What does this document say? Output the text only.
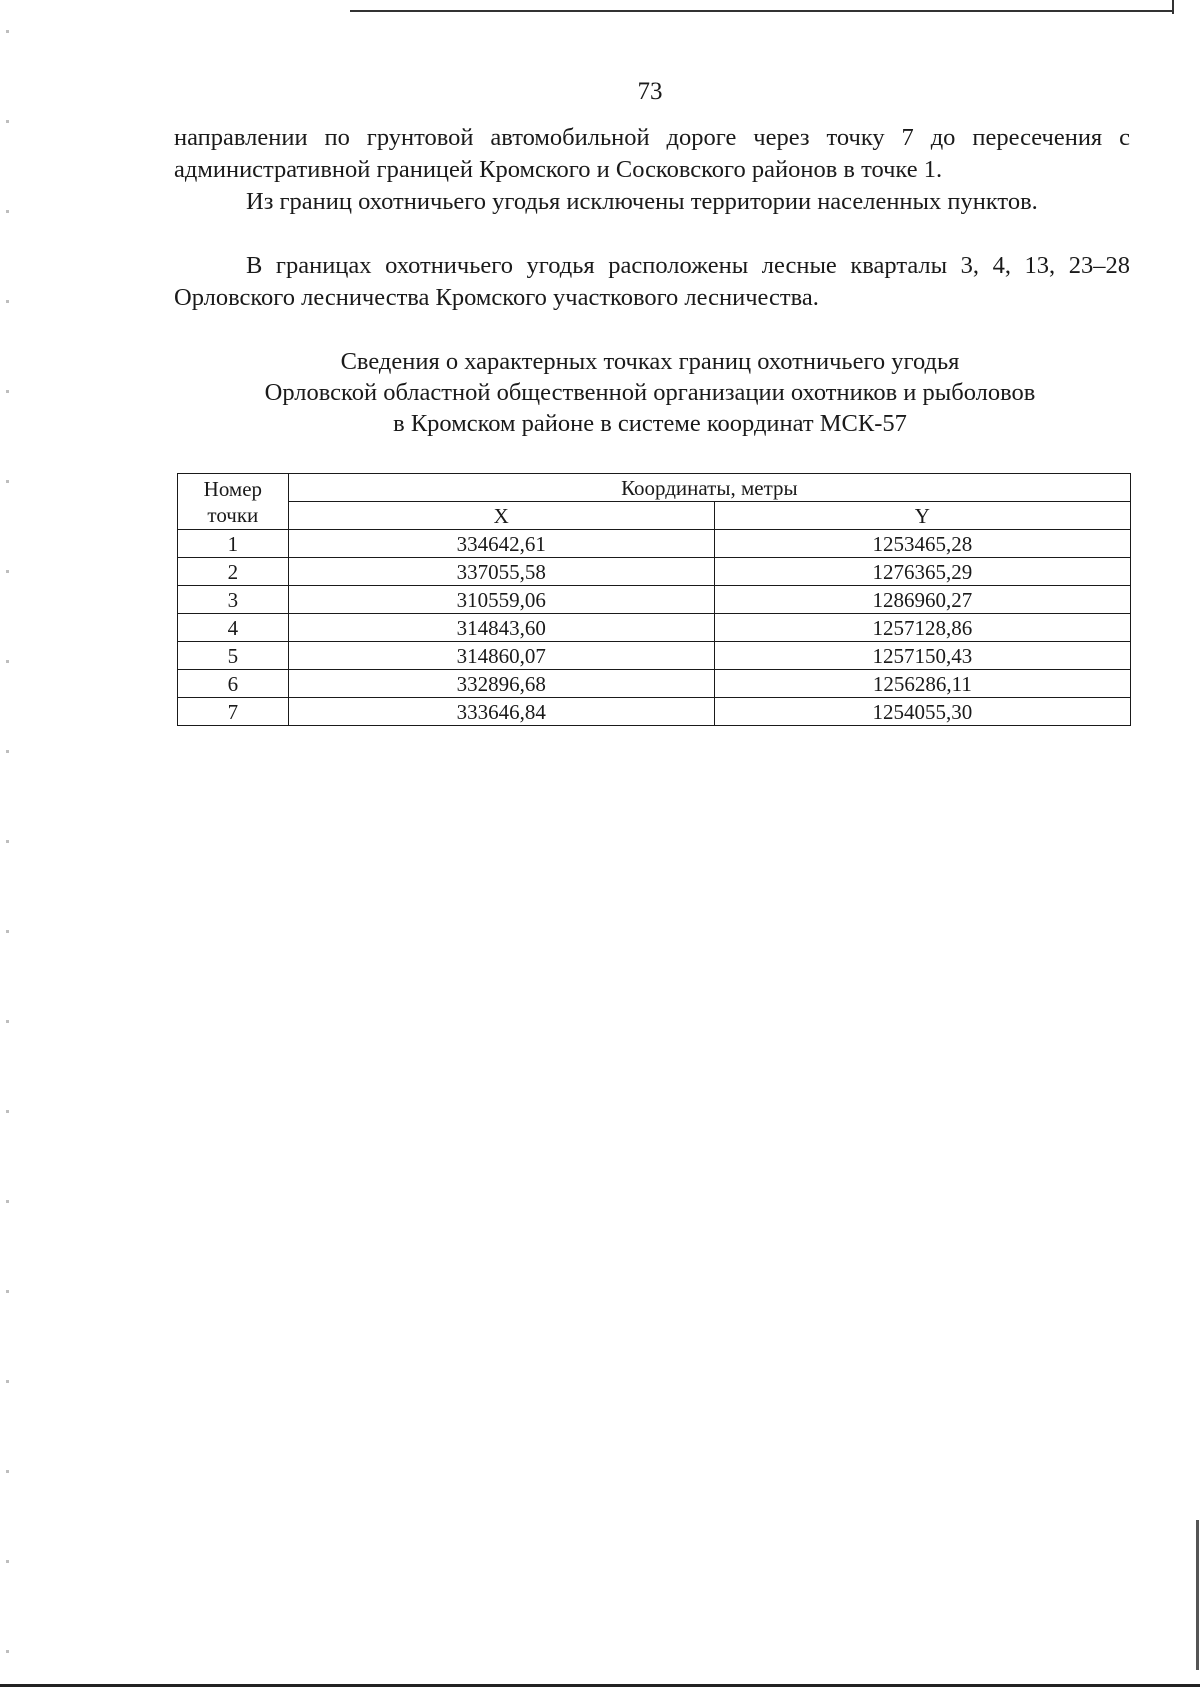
73
направлении по грунтовой автомобильной дороге через точку 7 до пересечения с административной границей Кромского и Сосковского районов в точке 1.
Из границ охотничьего угодья исключены территории населенных пунктов.
В границах охотничьего угодья расположены лесные кварталы 3, 4, 13, 23–28 Орловского лесничества Кромского участкового лесничества.
Сведения о характерных точках границ охотничьего угодья
Орловской областной общественной организации охотников и рыболовов
в Кромском районе в системе координат МСК-57
Номер
точки	Координаты, метры	
	X	Y
1	334642,61	1253465,28
2	337055,58	1276365,29
3	310559,06	1286960,27
4	314843,60	1257128,86
5	314860,07	1257150,43
6	332896,68	1256286,11
7	333646,84	1254055,30
